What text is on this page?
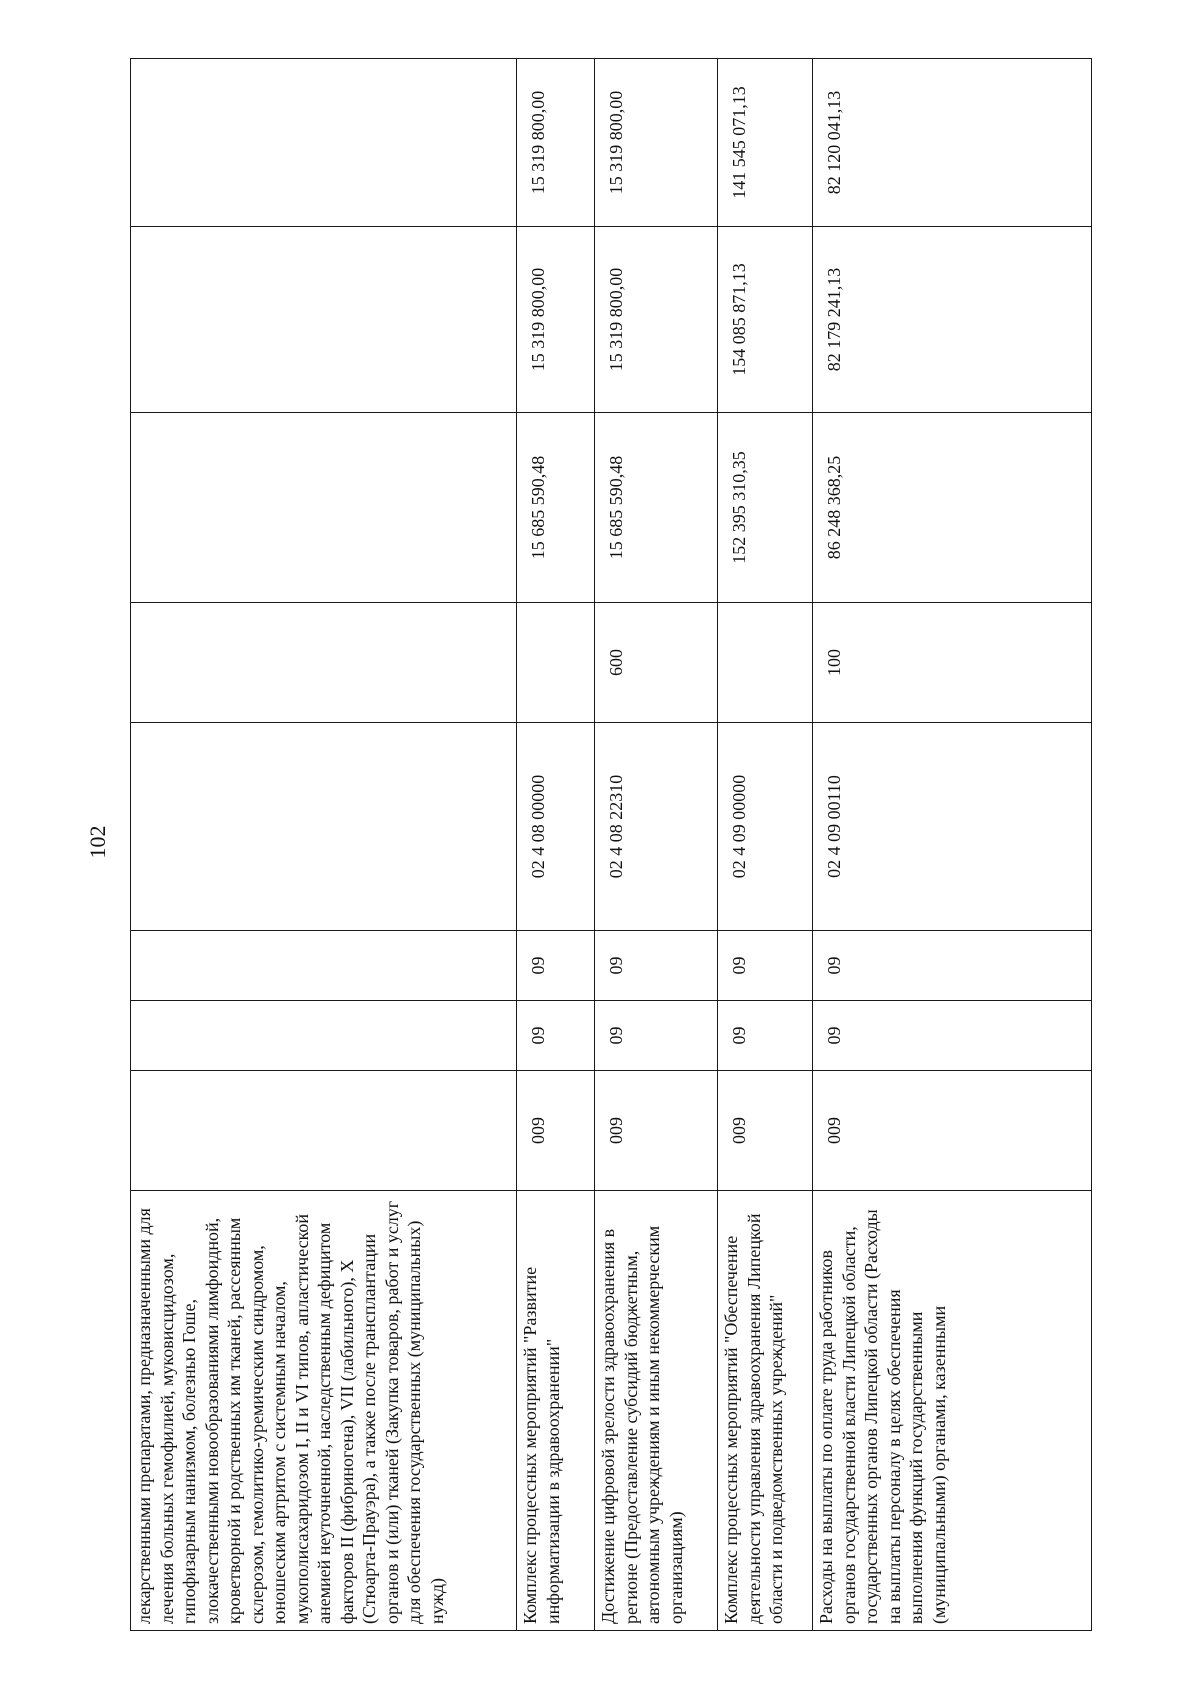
102
лекарственными препаратами, предназначенными для лечения больных гемофилией, муковисцидозом, гипофизарным нанизмом, болезнью Гоше, злокачественными новообразованиями лимфоидной, кроветворной и родственных им тканей, рассеянным склерозом, гемолитико-уремическим синдромом, юношеским артритом с системным началом, мукополисахаридозом I, II и VI типов, апластической анемией неуточненной, наследственным дефицитом факторов II (фибриногена), VII (лабильного), X (Стюарта-Прауэра), а также после трансплантации органов и (или) тканей (Закупка товаров, работ и услуг для обеспечения государственных (муниципальных) нужд)								
Комплекс процессных мероприятий "Развитие информатизации в здравоохранении"	009	09	09	02 4 08 00000		15 685 590,48	15 319 800,00	15 319 800,00
Достижение цифровой зрелости здравоохранения в регионе (Предоставление субсидий бюджетным, автономным учреждениям и иным некоммерческим организациям)	009	09	09	02 4 08 22310	600	15 685 590,48	15 319 800,00	15 319 800,00
Комплекс процессных мероприятий "Обеспечение деятельности управления здравоохранения Липецкой области и подведомственных учреждений"	009	09	09	02 4 09 00000		152 395 310,35	154 085 871,13	141 545 071,13
Расходы на выплаты по оплате труда работников органов государственной власти Липецкой области, государственных органов Липецкой области (Расходы на выплаты персоналу в целях обеспечения выполнения функций государственными (муниципальными) органами, казенными	009	09	09	02 4 09 00110	100	86 248 368,25	82 179 241,13	82 120 041,13
